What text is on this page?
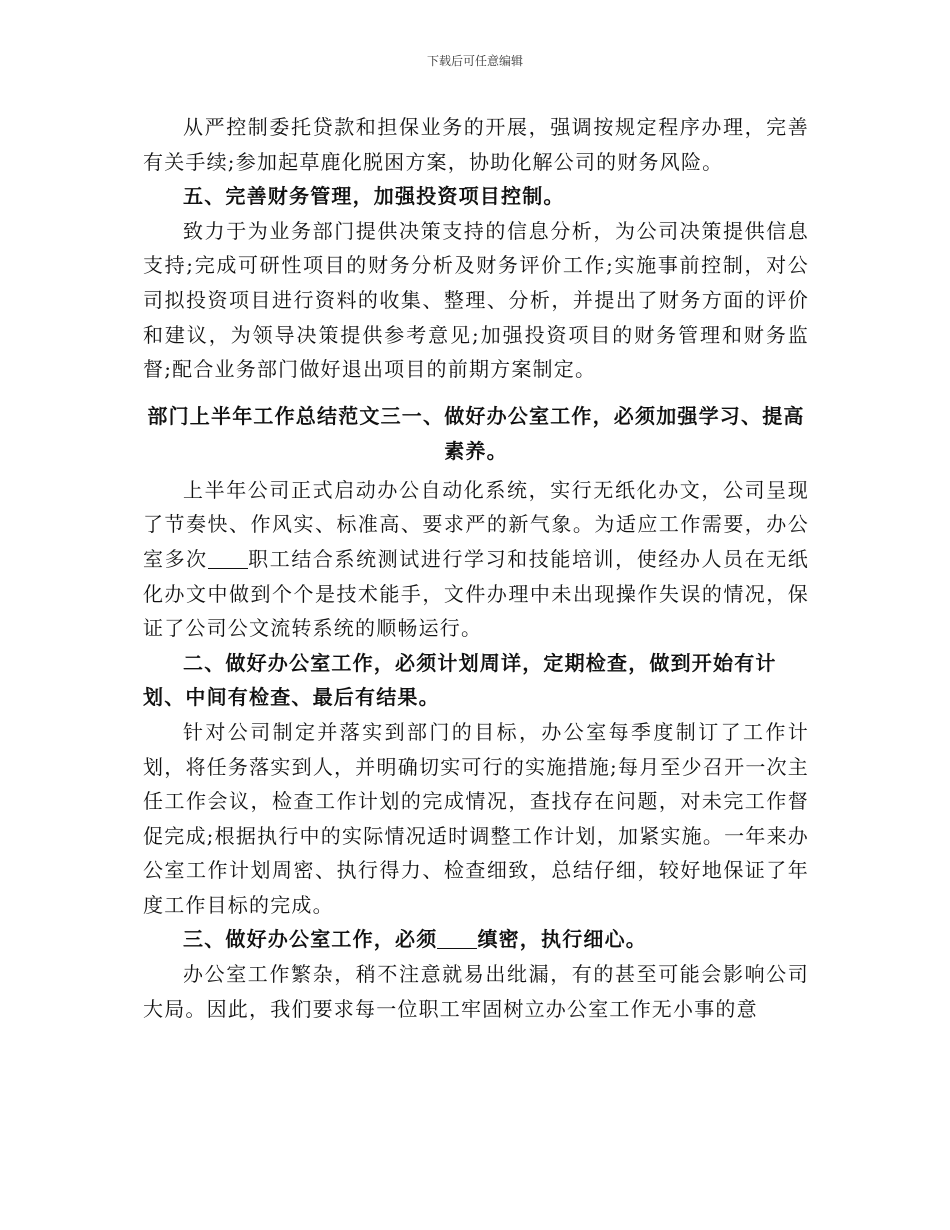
下载后可任意编辑

从严控制委托贷款和担保业务的开展，强调按规定程序办理，完善有关手续;参加起草鹿化脱困方案，协助化解公司的财务风险。

五、完善财务管理，加强投资项目控制。

致力于为业务部门提供决策支持的信息分析，为公司决策提供信息支持;完成可研性项目的财务分析及财务评价工作;实施事前控制，对公司拟投资项目进行资料的收集、整理、分析，并提出了财务方面的评价和建议，为领导决策提供参考意见;加强投资项目的财务管理和财务监督;配合业务部门做好退出项目的前期方案制定。

部门上半年工作总结范文三一、做好办公室工作，必须加强学习、提高素养。

上半年公司正式启动办公自动化系统，实行无纸化办文，公司呈现了节奏快、作风实、标准高、要求严的新气象。为适应工作需要，办公室多次 职工结合系统测试进行学习和技能培训，使经办人员在无纸化办文中做到个个是技术能手，文件办理中未出现操作失误的情况，保证了公司公文流转系统的顺畅运行。

二、做好办公室工作，必须计划周详，定期检查，做到开始有计划、中间有检查、最后有结果。

针对公司制定并落实到部门的目标，办公室每季度制订了工作计划，将任务落实到人，并明确切实可行的实施措施;每月至少召开一次主任工作会议，检查工作计划的完成情况，查找存在问题，对未完工作督促完成;根据执行中的实际情况适时调整工作计划，加紧实施。一年来办公室工作计划周密、执行得力、检查细致，总结仔细，较好地保证了年度工作目标的完成。

三、做好办公室工作，必须 缜密，执行细心。

办公室工作繁杂，稍不注意就易出纰漏，有的甚至可能会影响公司大局。因此，我们要求每一位职工牢固树立办公室工作无小事的意
